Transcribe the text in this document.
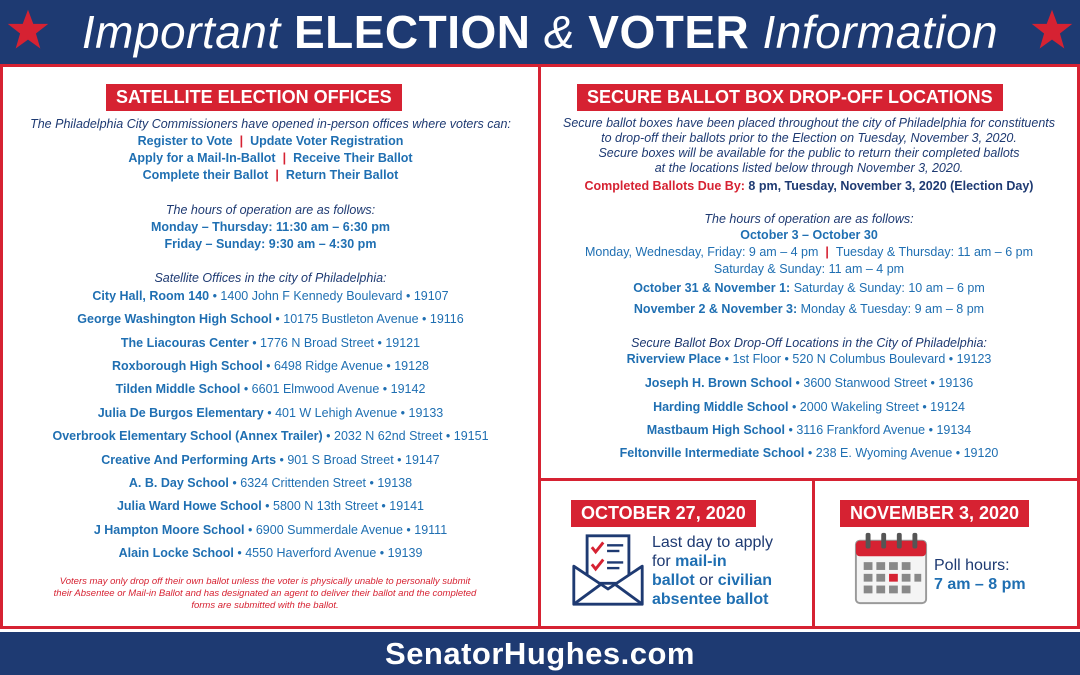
Important ELECTION & VOTER Information
SATELLITE ELECTION OFFICES
The Philadelphia City Commissioners have opened in-person offices where voters can:
Register to Vote | Update Voter Registration
Apply for a Mail-In-Ballot | Receive Their Ballot
Complete their Ballot | Return Their Ballot
The hours of operation are as follows:
Monday – Thursday: 11:30 am – 6:30 pm
Friday – Sunday: 9:30 am – 4:30 pm
Satellite Offices in the city of Philadelphia:
City Hall, Room 140 • 1400 John F Kennedy Boulevard • 19107
George Washington High School • 10175 Bustleton Avenue • 19116
The Liacouras Center • 1776 N Broad Street • 19121
Roxborough High School • 6498 Ridge Avenue • 19128
Tilden Middle School • 6601 Elmwood Avenue • 19142
Julia De Burgos Elementary • 401 W Lehigh Avenue • 19133
Overbrook Elementary School (Annex Trailer) • 2032 N 62nd Street • 19151
Creative And Performing Arts • 901 S Broad Street • 19147
A. B. Day School • 6324 Crittenden Street • 19138
Julia Ward Howe School • 5800 N 13th Street • 19141
J Hampton Moore School • 6900 Summerdale Avenue • 19111
Alain Locke School • 4550 Haverford Avenue • 19139
Voters may only drop off their own ballot unless the voter is physically unable to personally submit their Absentee or Mail-in Ballot and has designated an agent to deliver their ballot and the completed forms are submitted with the ballot.
SECURE BALLOT BOX DROP-OFF LOCATIONS
Secure ballot boxes have been placed throughout the city of Philadelphia for constituents
to drop-off their ballots prior to the Election on Tuesday, November 3, 2020.
Secure boxes will be available for the public to return their completed ballots
at the locations listed below through November 3, 2020.
Completed Ballots Due By: 8 pm, Tuesday, November 3, 2020 (Election Day)
The hours of operation are as follows:
October 3 – October 30
Monday, Wednesday, Friday: 9 am – 4 pm | Tuesday & Thursday: 11 am – 6 pm
Saturday & Sunday: 11 am – 4 pm
October 31 & November 1: Saturday & Sunday: 10 am – 6 pm
November 2 & November 3: Monday & Tuesday: 9 am – 8 pm
Secure Ballot Box Drop-Off Locations in the City of Philadelphia:
Riverview Place • 1st Floor • 520 N Columbus Boulevard • 19123
Joseph H. Brown School • 3600 Stanwood Street • 19136
Harding Middle School • 2000 Wakeling Street • 19124
Mastbaum High School • 3116 Frankford Avenue • 19134
Feltonville Intermediate School • 238 E. Wyoming Avenue • 19120
OCTOBER 27, 2020
Last day to apply
for mail-in
ballot or civilian
absentee ballot
NOVEMBER 3, 2020
Poll hours:
7 am – 8 pm
SenatorHughes.com
